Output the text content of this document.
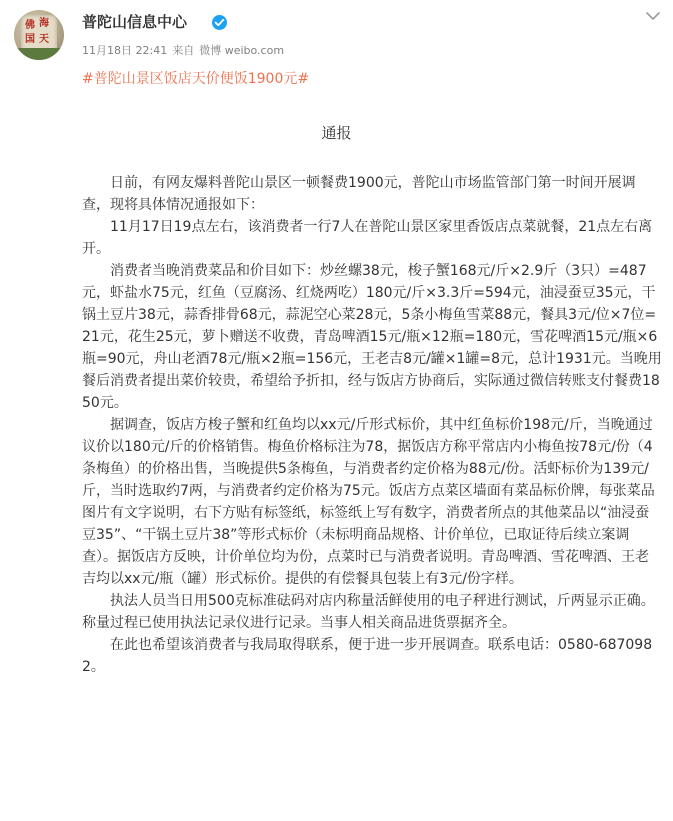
佛 海
国 天
普陀山信息中心
11月18日 22:41 来自 微博 weibo.com
#普陀山景区饭店天价便饭1900元#
通报

日前，有网友爆料普陀山景区一顿餐费1900元，普陀山市场监管部门第一时间开展调查，现将具体情况通报如下：

11月17日19点左右，该消费者一行7人在普陀山景区家里香饭店点菜就餐，21点左右离开。

消费者当晚消费菜品和价目如下：炒丝螺38元，梭子蟹168元/斤×2.9斤（3只）=487元，虾盐水75元，红鱼（豆腐汤、红烧两吃）180元/斤×3.3斤=594元，油浸蚕豆35元，干锅土豆片38元，蒜香排骨68元，蒜泥空心菜28元，5条小梅鱼雪菜88元，餐具3元/位×7位=21元，花生25元，萝卜赠送不收费，青岛啤酒15元/瓶×12瓶=180元，雪花啤酒15元/瓶×6瓶=90元，舟山老酒78元/瓶×2瓶=156元，王老吉8元/罐×1罐=8元，总计1931元。当晚用餐后消费者提出菜价较贵，希望给予折扣，经与饭店方协商后，实际通过微信转账支付餐费1850元。

据调查，饭店方梭子蟹和红鱼均以xx元/斤形式标价，其中红鱼标价198元/斤，当晚通过议价以180元/斤的价格销售。梅鱼价格标注为78，据饭店方称平常店内小梅鱼按78元/份（4条梅鱼）的价格出售，当晚提供5条梅鱼，与消费者约定价格为88元/份。活虾标价为139元/斤，当时选取约7两，与消费者约定价格为75元。饭店方点菜区墙面有菜品标价牌，每张菜品图片有文字说明，右下方贴有标签纸，标签纸上写有数字，消费者所点的其他菜品以“油浸蚕豆35”、“干锅土豆片38”等形式标价（未标明商品规格、计价单位，已取证待后续立案调查）。据饭店方反映，计价单位均为份，点菜时已与消费者说明。青岛啤酒、雪花啤酒、王老吉均以xx元/瓶（罐）形式标价。提供的有偿餐具包装上有3元/份字样。

执法人员当日用500克标准砝码对店内称量活鲜使用的电子秤进行测试，斤两显示正确。称量过程已使用执法记录仪进行记录。当事人相关商品进货票据齐全。

在此也希望该消费者与我局取得联系，便于进一步开展调查。联系电话：0580-6870982。
